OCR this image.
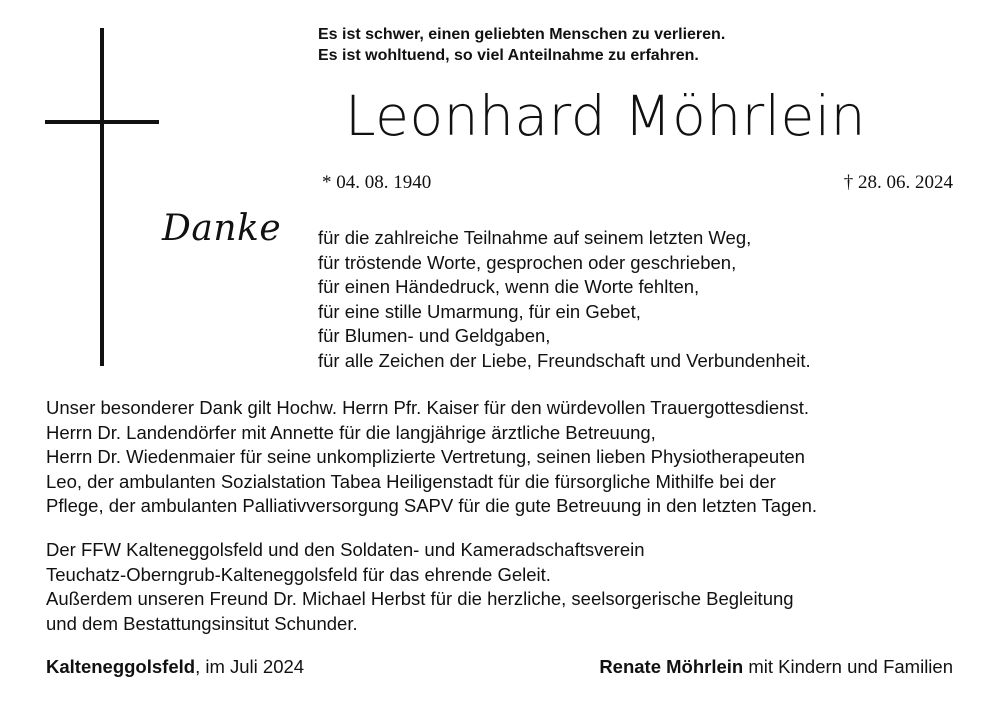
Es ist schwer, einen geliebten Menschen zu verlieren.
Es ist wohltuend, so viel Anteilnahme zu erfahren.
Leonhard Möhrlein
* 04. 08. 1940	† 28. 06. 2024
Danke für die zahlreiche Teilnahme auf seinem letzten Weg,
für tröstende Worte, gesprochen oder geschrieben,
für einen Händedruck, wenn die Worte fehlten,
für eine stille Umarmung, für ein Gebet,
für Blumen- und Geldgaben,
für alle Zeichen der Liebe, Freundschaft und Verbundenheit.
Unser besonderer Dank gilt Hochw. Herrn Pfr. Kaiser für den würdevollen Trauergottesdienst.
Herrn Dr. Landendörfer mit Annette für die langjährige ärztliche Betreuung,
Herrn Dr. Wiedenmaier für seine unkomplizierte Vertretung, seinen lieben Physiotherapeuten
Leo, der ambulanten Sozialstation Tabea Heiligenstadt für die fürsorgliche Mithilfe bei der
Pflege, der ambulanten Palliativversorgung SAPV für die gute Betreuung in den letzten Tagen.
Der FFW Kalteneggolsfeld und den Soldaten- und Kameradschaftsverein
Teuchatz-Oberngrub-Kalteneggolsfeld für das ehrende Geleit.
Außerdem unseren Freund Dr. Michael Herbst für die herzliche, seelsorgerische Begleitung
und dem Bestattungsinsitut Schunder.
Kalteneggolsfeld, im Juli 2024	Renate Möhrlein mit Kindern und Familien
